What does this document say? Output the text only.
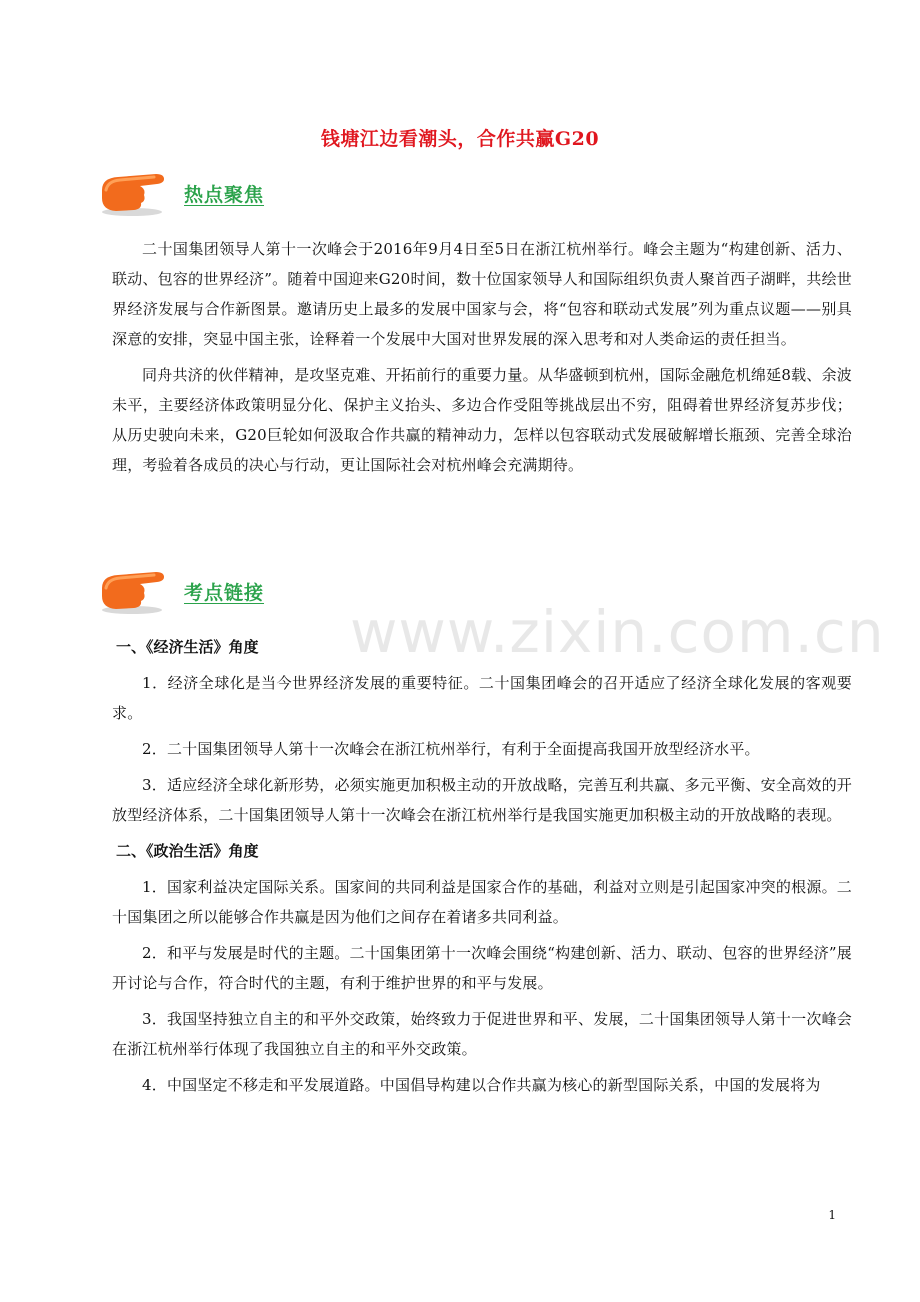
钱塘江边看潮头，合作共赢G20
热点聚焦

二十国集团领导人第十一次峰会于2016年9月4日至5日在浙江杭州举行。峰会主题为“构建创新、活力、联动、包容的世界经济”。随着中国迎来G20时间，数十位国家领导人和国际组织负责人聚首西子湖畔，共绘世界经济发展与合作新图景。邀请历史上最多的发展中国家与会，将“包容和联动式发展”列为重点议题——别具深意的安排，突显中国主张，诠释着一个发展中大国对世界发展的深入思考和对人类命运的责任担当。

同舟共济的伙伴精神，是攻坚克难、开拓前行的重要力量。从华盛顿到杭州，国际金融危机绵延8载、余波未平，主要经济体政策明显分化、保护主义抬头、多边合作受阻等挑战层出不穷，阻碍着世界经济复苏步伐；从历史驶向未来，G20巨轮如何汲取合作共赢的精神动力，怎样以包容联动式发展破解增长瓶颈、完善全球治理，考验着各成员的决心与行动，更让国际社会对杭州峰会充满期待。

考点链接
www.zixin.com.cn

一、《经济生活》角度

1．经济全球化是当今世界经济发展的重要特征。二十国集团峰会的召开适应了经济全球化发展的客观要求。

2．二十国集团领导人第十一次峰会在浙江杭州举行，有利于全面提高我国开放型经济水平。

3．适应经济全球化新形势，必须实施更加积极主动的开放战略，完善互利共赢、多元平衡、安全高效的开放型经济体系，二十国集团领导人第十一次峰会在浙江杭州举行是我国实施更加积极主动的开放战略的表现。

二、《政治生活》角度

1．国家利益决定国际关系。国家间的共同利益是国家合作的基础，利益对立则是引起国家冲突的根源。二十国集团之所以能够合作共赢是因为他们之间存在着诸多共同利益。

2．和平与发展是时代的主题。二十国集团第十一次峰会围绕“构建创新、活力、联动、包容的世界经济”展开讨论与合作，符合时代的主题，有利于维护世界的和平与发展。

3．我国坚持独立自主的和平外交政策，始终致力于促进世界和平、发展，二十国集团领导人第十一次峰会在浙江杭州举行体现了我国独立自主的和平外交政策。

4．中国坚定不移走和平发展道路。中国倡导构建以合作共赢为核心的新型国际关系，中国的发展将为

1
